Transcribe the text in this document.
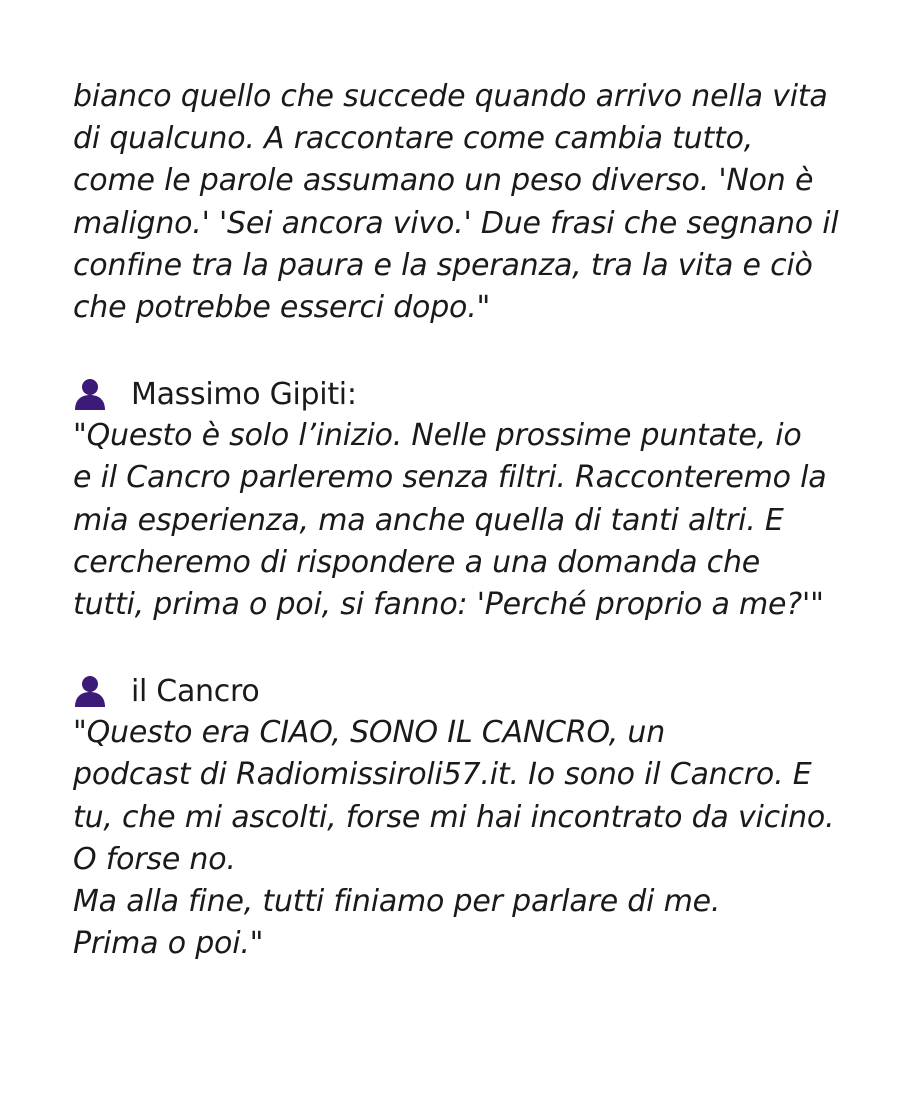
bianco quello che succede quando arrivo nella vita
di qualcuno. A raccontare come cambia tutto,
come le parole assumano un peso diverso. 'Non è
maligno.' 'Sei ancora vivo.' Due frasi che segnano il
confine tra la paura e la speranza, tra la vita e ciò
che potrebbe esserci dopo."

Massimo Gipiti:

"Questo è solo l’inizio. Nelle prossime puntate, io
e il Cancro parleremo senza filtri. Racconteremo la
mia esperienza, ma anche quella di tanti altri. E
cercheremo di rispondere a una domanda che
tutti, prima o poi, si fanno: 'Perché proprio a me?'"

il Cancro

"Questo era CIAO, SONO IL CANCRO, un
podcast di Radiomissiroli57.it. Io sono il Cancro. E
tu, che mi ascolti, forse mi hai incontrato da vicino.
O forse no.
Ma alla fine, tutti finiamo per parlare di me.
Prima o poi."
